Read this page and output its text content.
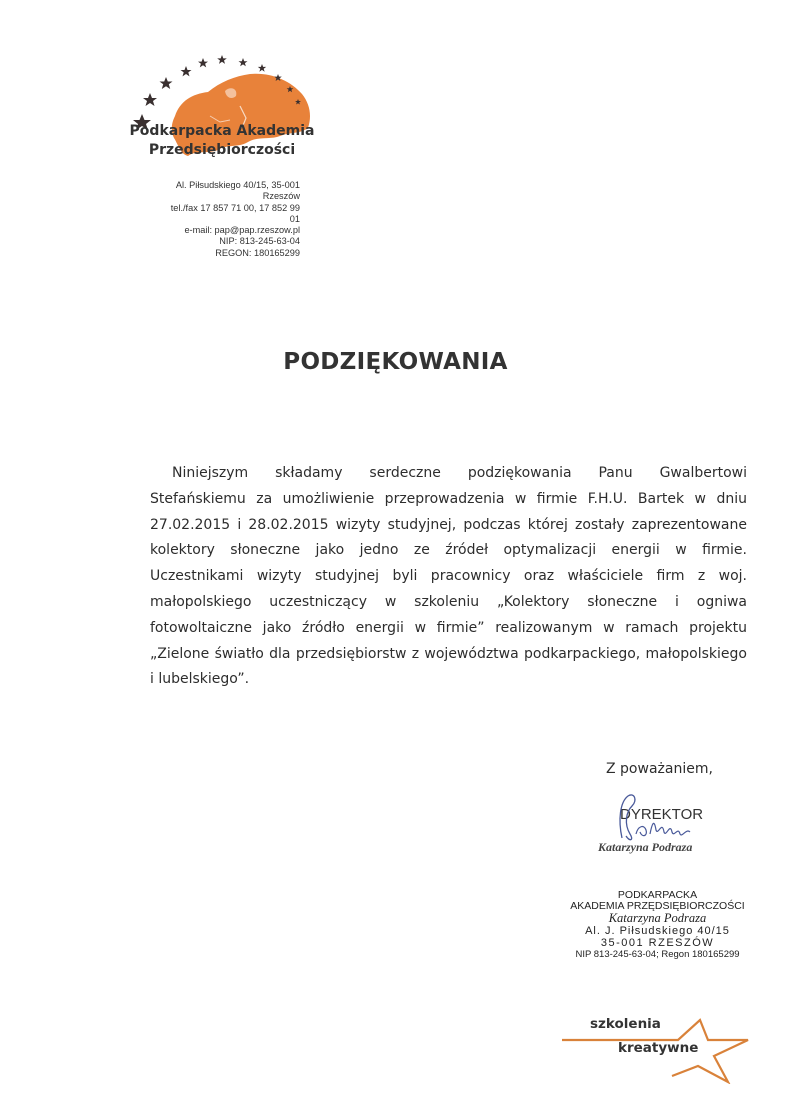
Podkarpacka Akademia
Przedsiębiorczości
Al. Piłsudskiego 40/15, 35-001 Rzeszów
tel./fax 17 857 71 00, 17 852 99 01
e-mail: pap@pap.rzeszow.pl
NIP: 813-245-63-04
REGON: 180165299
PODZIĘKOWANIA
Niniejszym składamy serdeczne podziękowania Panu Gwalbertowi
Stefańskiemu za umożliwienie przeprowadzenia w firmie F.H.U. Bartek w dniu
27.02.2015 i 28.02.2015 wizyty studyjnej, podczas której zostały zaprezentowane
kolektory słoneczne jako jedno ze źródeł optymalizacji energii w firmie.
Uczestnikami wizyty studyjnej byli pracownicy oraz właściciele firm z woj.
małopolskiego uczestniczący w szkoleniu „Kolektory słoneczne i ogniwa
fotowoltaiczne jako źródło energii w firmie” realizowanym w ramach projektu
„Zielone światło dla przedsiębiorstw z województwa podkarpackiego, małopolskiego
i lubelskiego”.
Z poważaniem,
DYREKTOR
Katarzyna Podraza
PODKARPACKA
AKADEMIA PRZĘDSIĘBIORCZOŚCI
Katarzyna Podraza
Al. J. Piłsudskiego 40/15
35-001 RZESZÓW
NIP 813-245-63-04; Regon 180165299
szkolenia
kreatywne
